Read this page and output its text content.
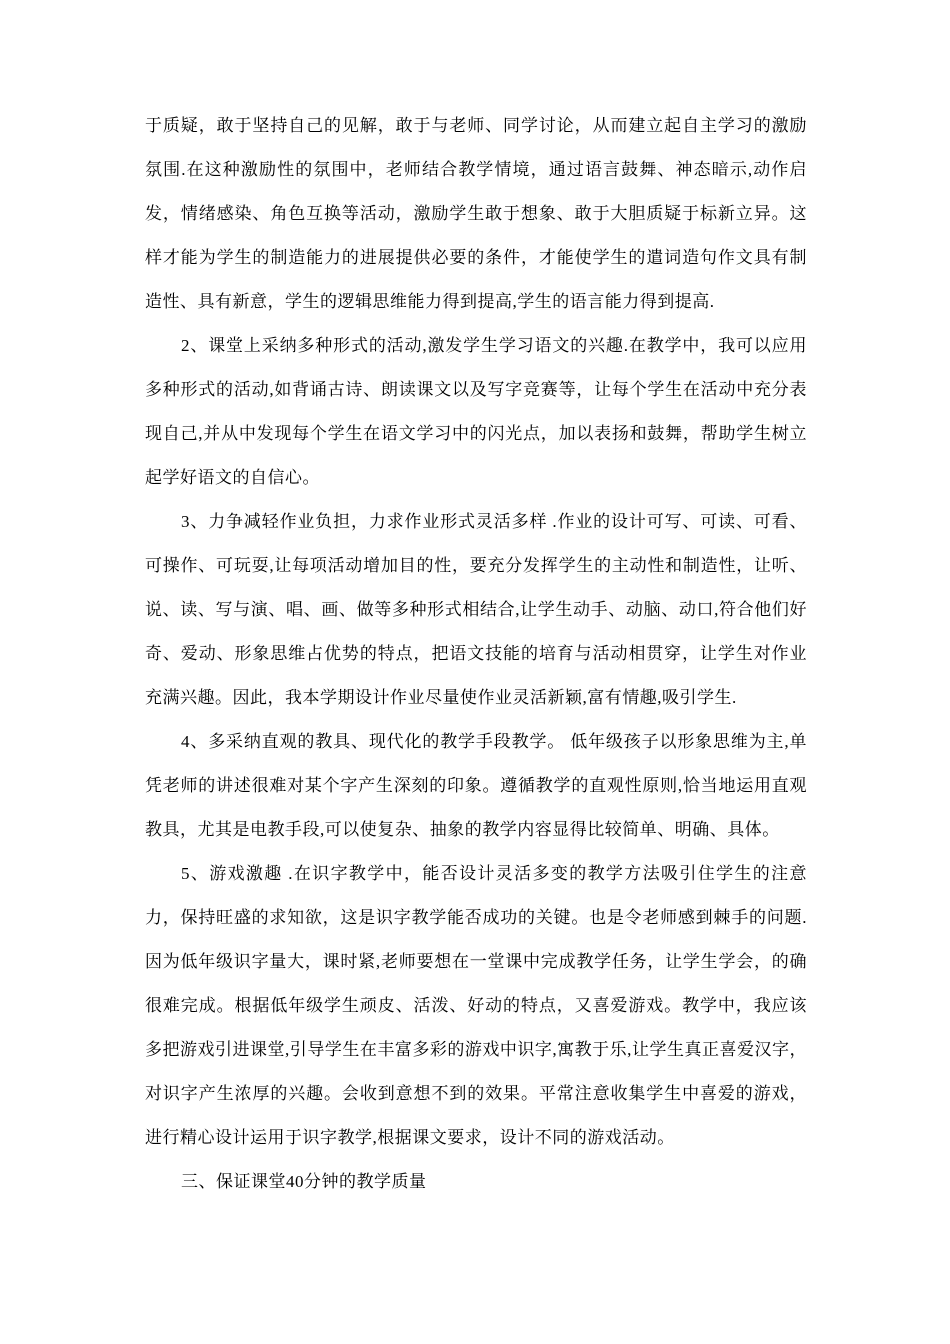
于质疑，敢于坚持自己的见解，敢于与老师、同学讨论，从而建立起自主学习的激励氛围.在这种激励性的氛围中，老师结合教学情境，通过语言鼓舞、神态暗示,动作启发，情绪感染、角色互换等活动，激励学生敢于想象、敢于大胆质疑于标新立异。这样才能为学生的制造能力的进展提供必要的条件，才能使学生的遣词造句作文具有制造性、具有新意，学生的逻辑思维能力得到提高,学生的语言能力得到提高.

2、课堂上采纳多种形式的活动,激发学生学习语文的兴趣.在教学中，我可以应用多种形式的活动,如背诵古诗、朗读课文以及写字竞赛等，让每个学生在活动中充分表现自己,并从中发现每个学生在语文学习中的闪光点，加以表扬和鼓舞，帮助学生树立起学好语文的自信心。

3、力争减轻作业负担，力求作业形式灵活多样 .作业的设计可写、可读、可看、可操作、可玩耍,让每项活动增加目的性，要充分发挥学生的主动性和制造性，让听、说、读、写与演、唱、画、做等多种形式相结合,让学生动手、动脑、动口,符合他们好奇、爱动、形象思维占优势的特点，把语文技能的培育与活动相贯穿，让学生对作业充满兴趣。因此，我本学期设计作业尽量使作业灵活新颖,富有情趣,吸引学生.

4、多采纳直观的教具、现代化的教学手段教学。 低年级孩子以形象思维为主,单凭老师的讲述很难对某个字产生深刻的印象。遵循教学的直观性原则,恰当地运用直观教具，尤其是电教手段,可以使复杂、抽象的教学内容显得比较简单、明确、具体。

5、游戏激趣 .在识字教学中，能否设计灵活多变的教学方法吸引住学生的注意力，保持旺盛的求知欲，这是识字教学能否成功的关键。也是令老师感到棘手的问题.因为低年级识字量大，课时紧,老师要想在一堂课中完成教学任务，让学生学会，的确很难完成。根据低年级学生顽皮、活泼、好动的特点，又喜爱游戏。教学中，我应该多把游戏引进课堂,引导学生在丰富多彩的游戏中识字,寓教于乐,让学生真正喜爱汉字，对识字产生浓厚的兴趣。会收到意想不到的效果。平常注意收集学生中喜爱的游戏，进行精心设计运用于识字教学,根据课文要求，设计不同的游戏活动。

三、保证课堂40分钟的教学质量
